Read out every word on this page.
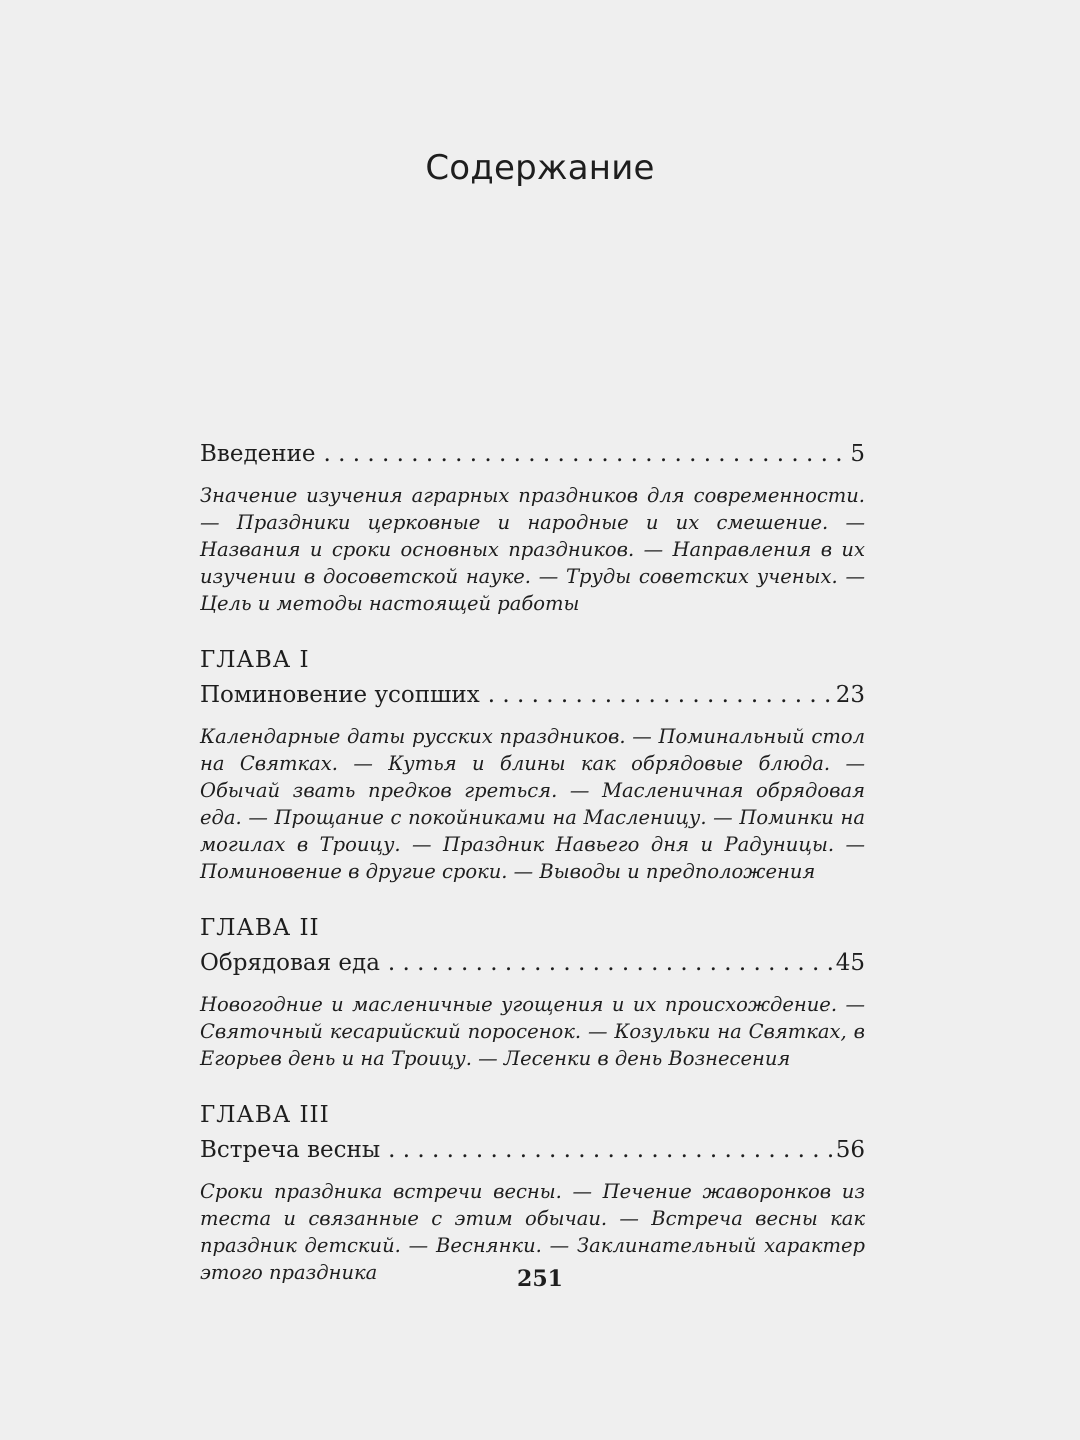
Содержание
Введение . . .	5
Значение изучения аграрных праздников для современности. — Праздники церковные и народные и их смешение. — Названия и сроки основных праздников. — Направления в их изучении в досоветской науке. — Труды советских ученых. — Цель и методы настоящей работы
ГЛАВА I
Поминовение усопших . . .	23
Календарные даты русских праздников. — Поминальный стол на Святках. — Кутья и блины как обрядовые блюда. — Обычай звать предков греться. — Масленичная обрядовая еда. — Прощание с покойниками на Масленицу. — Поминки на могилах в Троицу. — Праздник Навьего дня и Радуницы. — Поминовение в другие сроки. — Выводы и предположения
ГЛАВА II
Обрядовая еда . . .	45
Новогодние и масленичные угощения и их происхождение. — Святочный кесарийский поросенок. — Козульки на Святках, в Егорьев день и на Троицу. — Лесенки в день Вознесения
ГЛАВА III
Встреча весны . . .	56
Сроки праздника встречи весны. — Печение жаворонков из теста и связанные с этим обычаи. — Встреча весны как праздник детский. — Веснянки. — Заклинательный характер этого праздника	251
